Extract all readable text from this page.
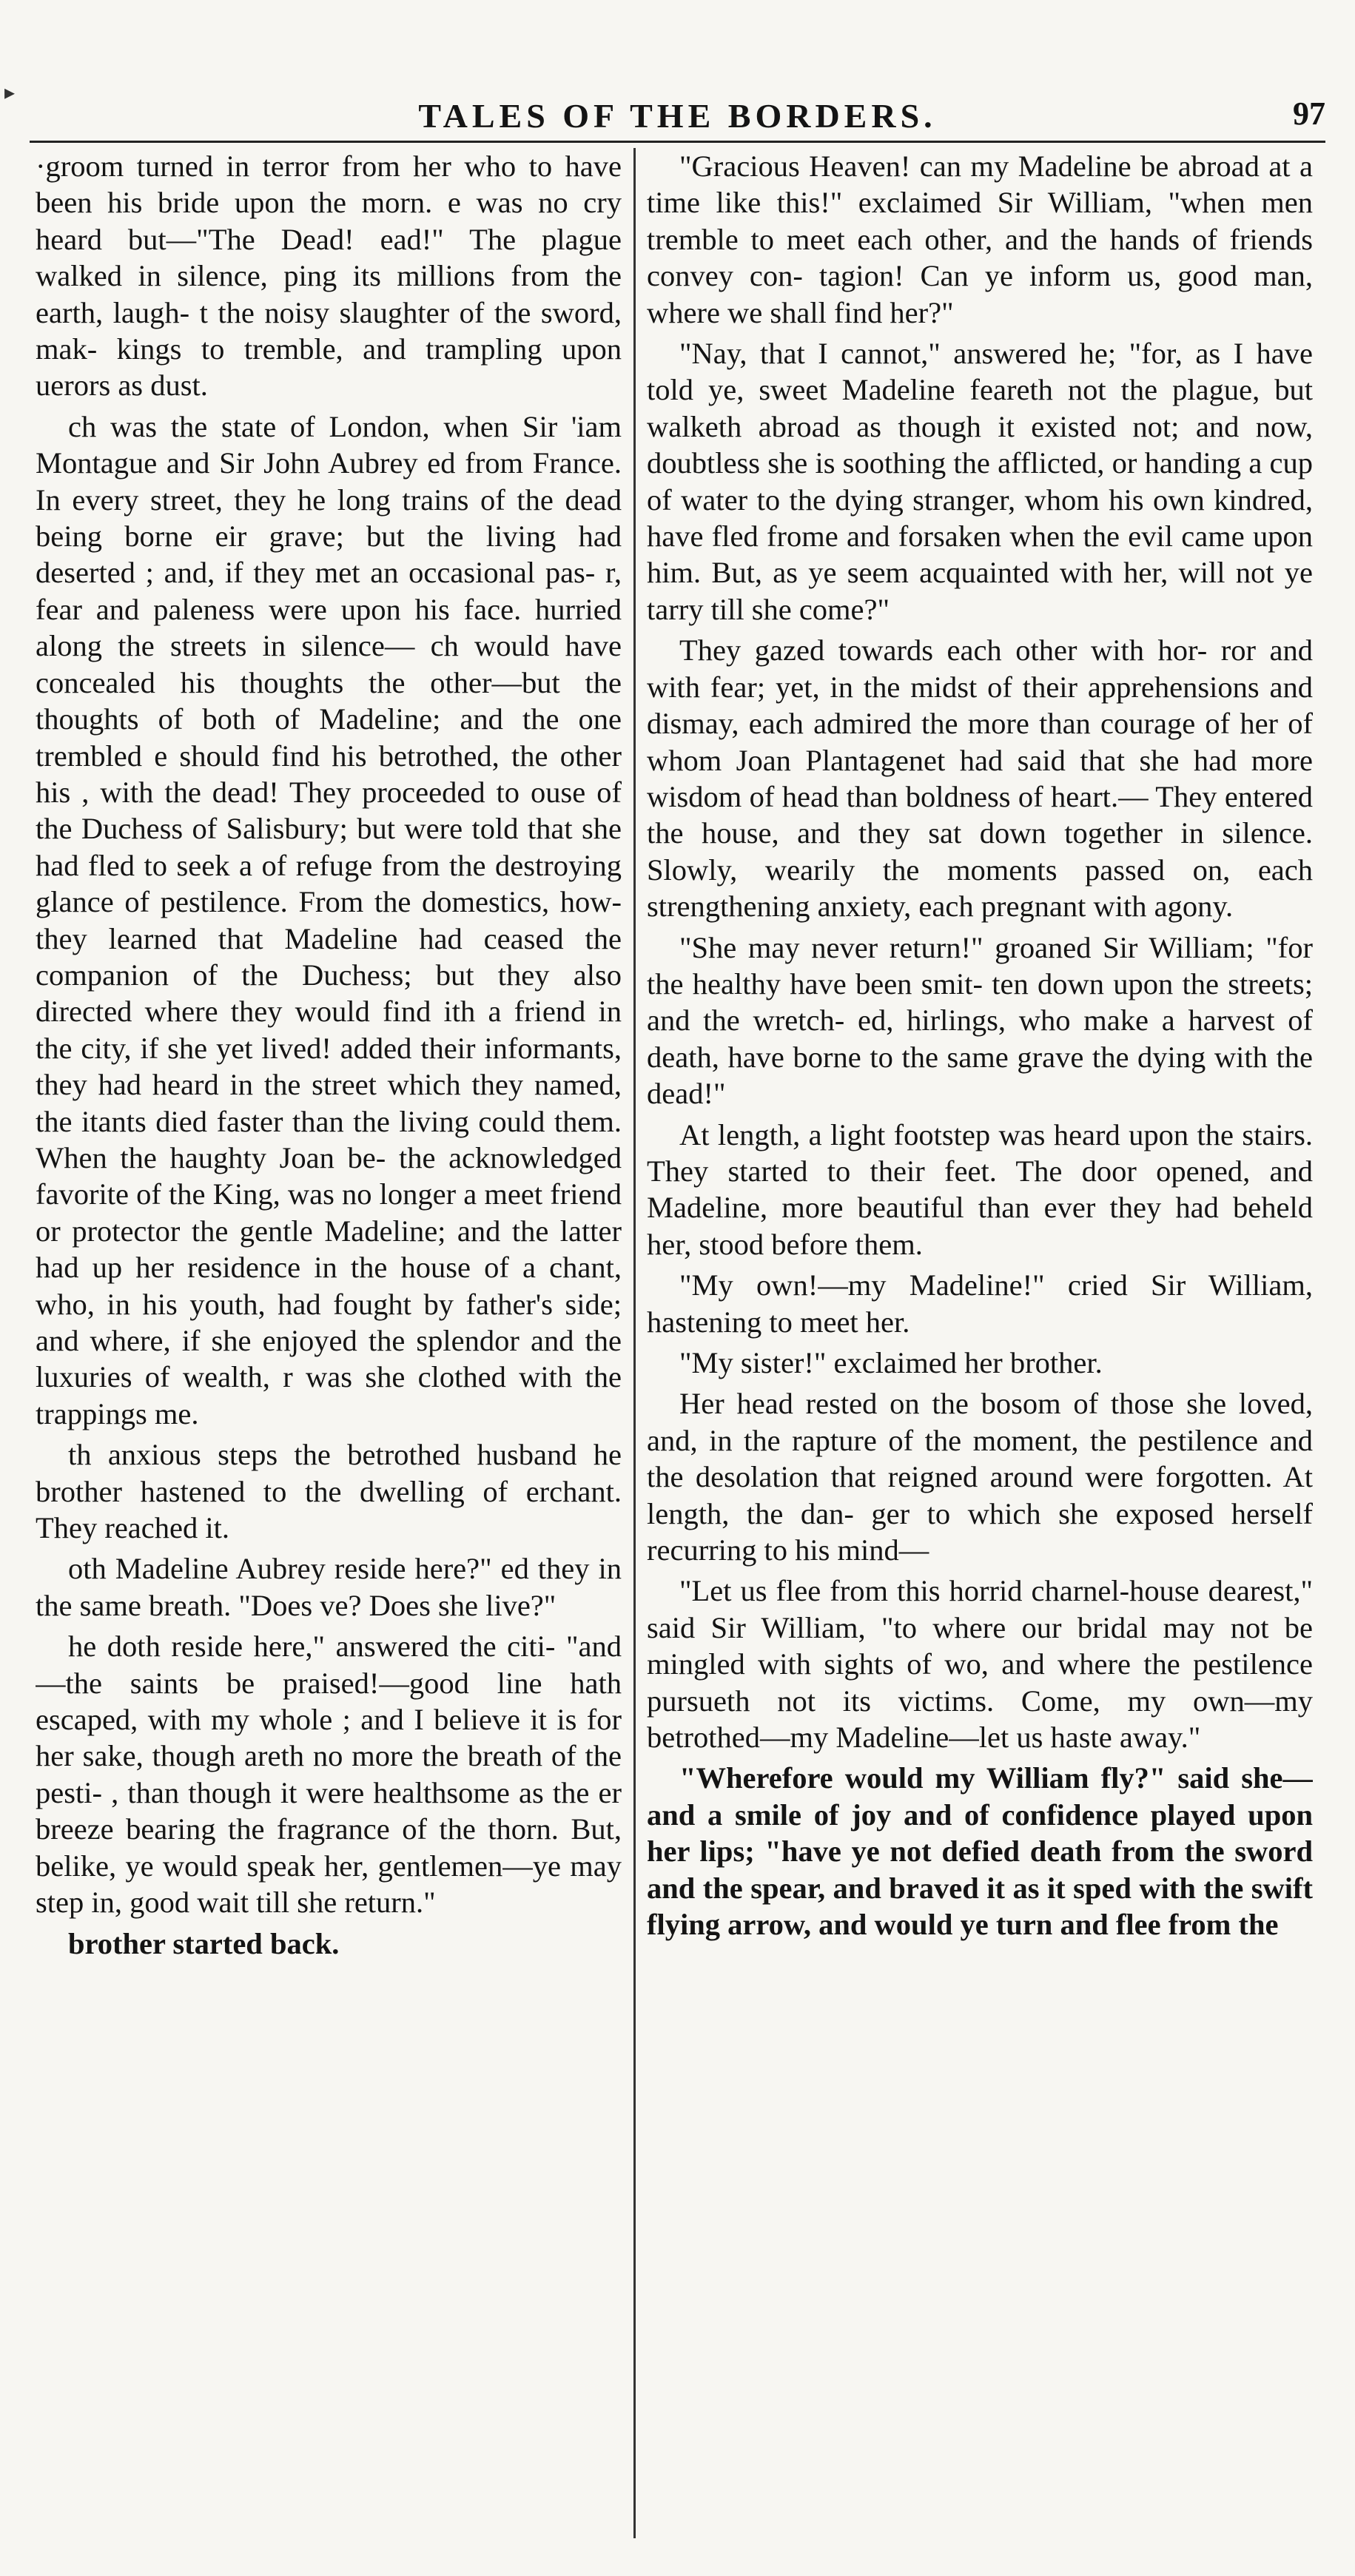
▸
TALES OF THE BORDERS.	97

·groom turned in terror from her who to have been his bride upon the morn. e was no cry heard but—"The Dead! ead!" The plague walked in silence, ping its millions from the earth, laugh- t the noisy slaughter of the sword, mak- kings to tremble, and trampling upon uerors as dust.

ch was the state of London, when Sir 'iam Montague and Sir John Aubrey ed from France. In every street, they he long trains of the dead being borne eir grave; but the living had deserted ; and, if they met an occasional pas- r, fear and paleness were upon his face. hurried along the streets in silence— ch would have concealed his thoughts the other—but the thoughts of both of Madeline; and the one trembled e should find his betrothed, the other his , with the dead! They proceeded to ouse of the Duchess of Salisbury; but were told that she had fled to seek a of refuge from the destroying glance of pestilence. From the domestics, how- they learned that Madeline had ceased the companion of the Duchess; but they also directed where they would find ith a friend in the city, if she yet lived! added their informants, they had heard in the street which they named, the itants died faster than the living could them. When the haughty Joan be- the acknowledged favorite of the King, was no longer a meet friend or protector the gentle Madeline; and the latter had up her residence in the house of a chant, who, in his youth, had fought by father's side; and where, if she enjoyed the splendor and the luxuries of wealth, r was she clothed with the trappings me.

th anxious steps the betrothed husband he brother hastened to the dwelling of erchant. They reached it.

oth Madeline Aubrey reside here?" ed they in the same breath. "Does ve? Does she live?"

he doth reside here," answered the citi- "and—the saints be praised!—good line hath escaped, with my whole ; and I believe it is for her sake, though areth no more the breath of the pesti- , than though it were healthsome as the er breeze bearing the fragrance of the thorn. But, belike, ye would speak her, gentlemen—ye may step in, good wait till she return."

brother started back.

"Gracious Heaven! can my Madeline be abroad at a time like this!" exclaimed Sir William, "when men tremble to meet each other, and the hands of friends convey con- tagion! Can ye inform us, good man, where we shall find her?"

"Nay, that I cannot," answered he; "for, as I have told ye, sweet Madeline feareth not the plague, but walketh abroad as though it existed not; and now, doubtless she is soothing the afflicted, or handing a cup of water to the dying stranger, whom his own kindred, have fled frome and forsaken when the evil came upon him. But, as ye seem acquainted with her, will not ye tarry till she come?"

They gazed towards each other with hor- ror and with fear; yet, in the midst of their apprehensions and dismay, each admired the more than courage of her of whom Joan Plantagenet had said that she had more wisdom of head than boldness of heart.— They entered the house, and they sat down together in silence. Slowly, wearily the moments passed on, each strengthening anxiety, each pregnant with agony.

"She may never return!" groaned Sir William; "for the healthy have been smit- ten down upon the streets; and the wretch- ed, hirlings, who make a harvest of death, have borne to the same grave the dying with the dead!"

At length, a light footstep was heard upon the stairs. They started to their feet. The door opened, and Madeline, more beautiful than ever they had beheld her, stood before them.

"My own!—my Madeline!" cried Sir William, hastening to meet her.

"My sister!" exclaimed her brother.

Her head rested on the bosom of those she loved, and, in the rapture of the moment, the pestilence and the desolation that reigned around were forgotten. At length, the dan- ger to which she exposed herself recurring to his mind—

"Let us flee from this horrid charnel-house dearest," said Sir William, "to where our bridal may not be mingled with sights of wo, and where the pestilence pursueth not its victims. Come, my own—my betrothed—my Madeline—let us haste away."

"Wherefore would my William fly?" said she—and a smile of joy and of confidence played upon her lips; "have ye not defied death from the sword and the spear, and braved it as it sped with the swift flying arrow, and would ye turn and flee from the
